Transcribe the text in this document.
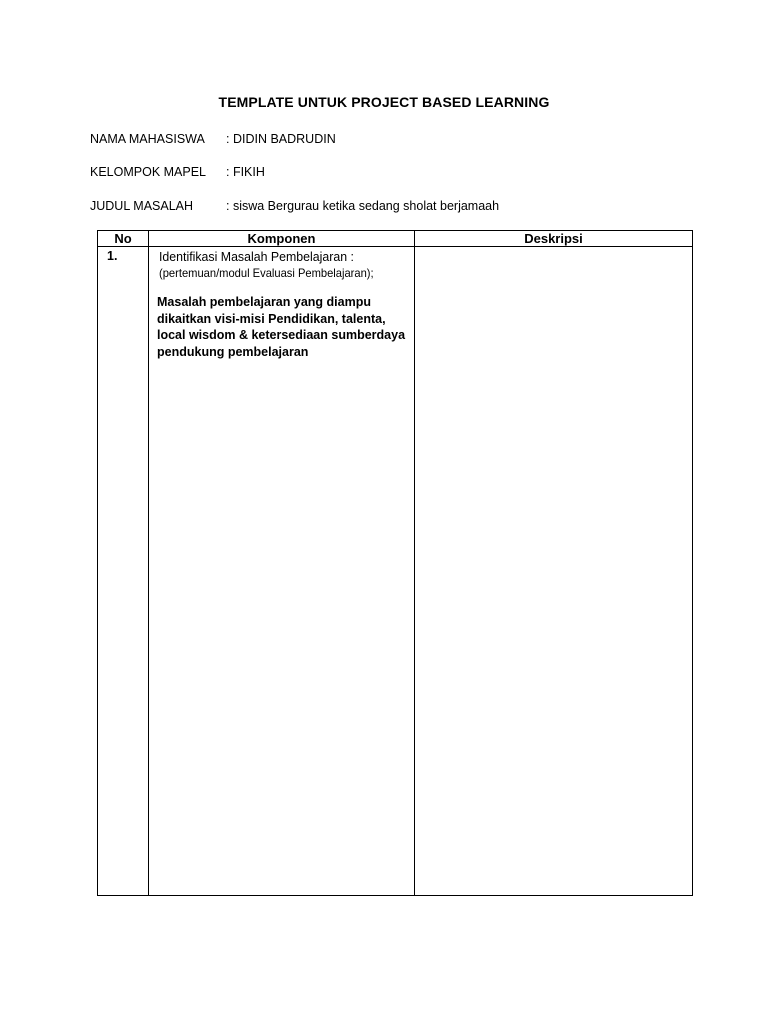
TEMPLATE UNTUK PROJECT BASED LEARNING
NAMA MAHASISWA : DIDIN BADRUDIN
KELOMPOK MAPEL : FIKIH
JUDUL MASALAH	: siswa Bergurau ketika sedang sholat berjamaah
No	Komponen	Deskripsi
1.	Identifikasi Masalah Pembelajaran :
(pertemuan/modul Evaluasi Pembelajaran);
Masalah pembelajaran yang diampu dikaitkan visi-misi Pendidikan, talenta, local wisdom & ketersediaan sumberdaya pendukung pembelajaran	
